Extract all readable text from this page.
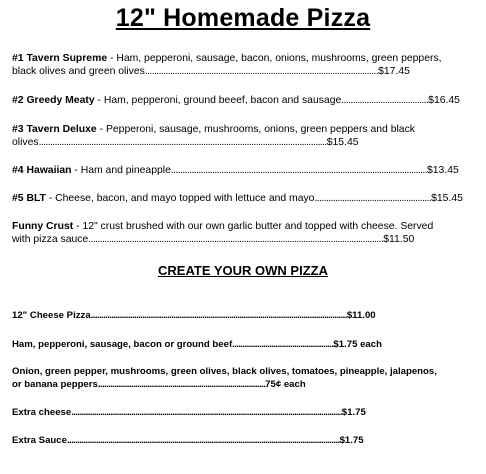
12" Homemade Pizza
#1 Tavern Supreme - Ham, pepperoni, sausage, bacon, onions, mushrooms, green peppers,
black olives and green olives......................................................................................................$17.45
#2 Greedy Meaty - Ham, pepperoni, ground beeef, bacon and sausage......................................$16.45
#3 Tavern Deluxe - Pepperoni, sausage, mushrooms, onions, green peppers and black
olives..............................................................................................................................$15.45
#4 Hawaiian - Ham and pineapple................................................................................................................$13.45
#5 BLT - Cheese, bacon, and mayo topped with lettuce and mayo...................................................$15.45
Funny Crust - 12" crust brushed with our own garlic butter and topped with cheese. Served
with pizza sauce.................................................................................................................................$11.50
CREATE YOUR OWN PIZZA
12" Cheese Pizza............................................................................................................................$11.00
Ham, pepperoni, sausage, bacon or ground beef.................................................$1.75 each
Onion, green pepper, mushrooms, green olives, black olives, tomatoes, pineapple, jalapenos,
or banana peppers.................................................................................75¢ each
Extra cheese...................................................................................................................................$1.75
Extra Sauce....................................................................................................................................$1.75
